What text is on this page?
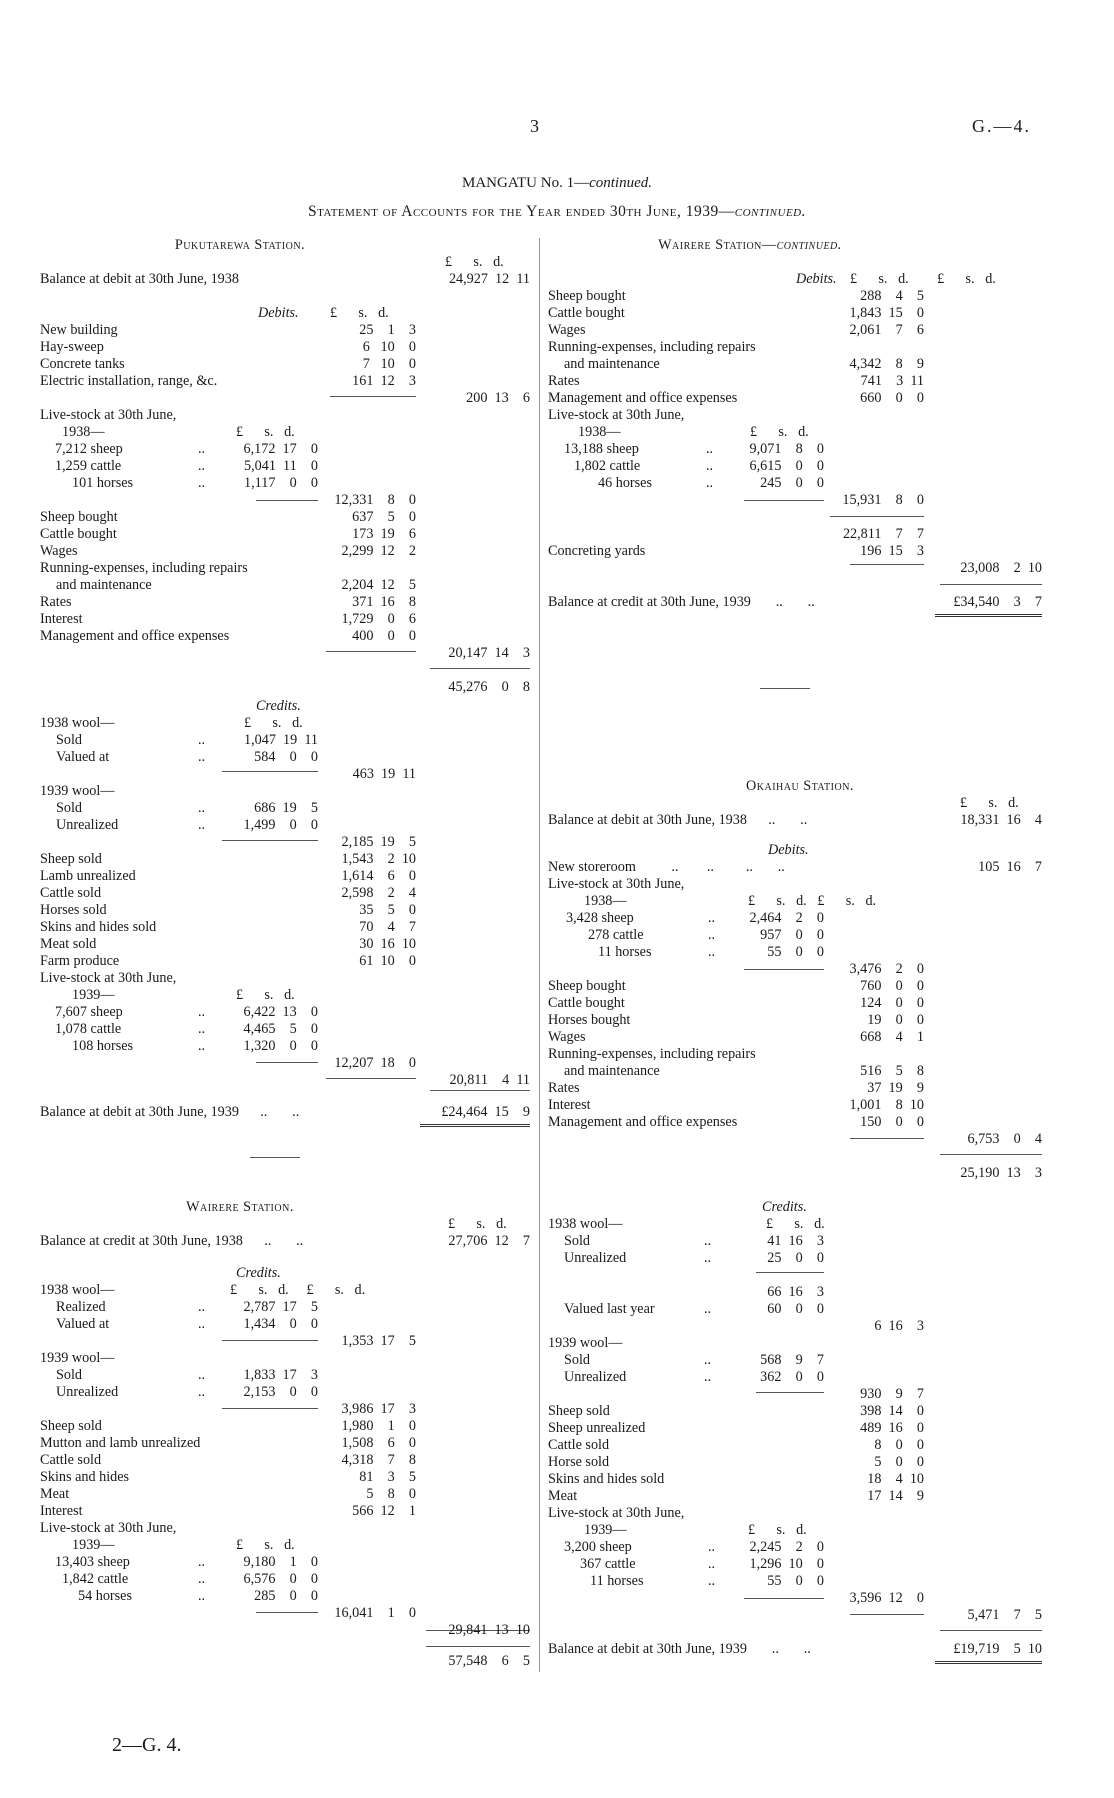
3	G.—4.
MANGATU No. 1—continued.
Statement of Accounts for the Year ended 30th June, 1939—continued.
Pukutarewa Station.
£      s.   d.
Balance at debit at 30th June, 1938	24,927  12  11
Debits. £      s.   d.
New building	25    1    3
Hay-sweep	6   10    0
Concrete tanks	7   10    0
Electric installation, range, &c.	161  12    3
200  13    6
Live-stock at 30th June,
1938—	£      s.   d.
7,212 sheep	..	6,172  17    0
1,259 cattle	..	5,041  11    0
101 horses	..	1,117    0    0
12,331    8    0
Sheep bought	637    5    0
Cattle bought	173  19    6
Wages	2,299  12    2
Running-expenses, including repairs
and maintenance	2,204  12    5
Rates	371  16    8
Interest	1,729    0    6
Management and office expenses	400    0    0
20,147  14    3
45,276    0    8
Credits.
1938 wool—	£      s.   d.
Sold	..	1,047  19  11
Valued at	..	584    0    0
463  19  11
1939 wool—
Sold	..	686  19    5
Unrealized	..	1,499    0    0
2,185  19    5
Sheep sold	1,543    2  10
Lamb unrealized	1,614    6    0
Cattle sold	2,598    2    4
Horses sold	35    5    0
Skins and hides sold	70    4    7
Meat sold	30  16  10
Farm produce	61  10    0
Live-stock at 30th June,
1939—	£      s.   d.
7,607 sheep	..	6,422  13    0
1,078 cattle	..	4,465    5    0
108 horses	..	1,320    0    0
12,207  18    0
20,811    4  11
Balance at debit at 30th June, 1939      ..       ..	£24,464  15    9
Wairere Station.
£      s.   d.
Balance at credit at 30th June, 1938      ..       ..	27,706  12    7
Credits.
1938 wool—	£      s.   d. £      s.   d.
Realized	..	2,787  17    5
Valued at	..	1,434    0    0
1,353  17    5
1939 wool—
Sold	..	1,833  17    3
Unrealized	..	2,153    0    0
3,986  17    3
Sheep sold	1,980    1    0
Mutton and lamb unrealized	1,508    6    0
Cattle sold	4,318    7    8
Skins and hides	81    3    5
Meat	5    8    0
Interest	566  12    1
Live-stock at 30th June,
1939—	£      s.   d.
13,403 sheep	..	9,180    1    0
1,842 cattle	..	6,576    0    0
54 horses	..	285    0    0
16,041    1    0
29,841  13  10
57,548    6    5
Wairere Station—continued.
Debits. £      s.   d. £      s.   d.
Sheep bought	288    4    5
Cattle bought	1,843  15    0
Wages	2,061    7    6
Running-expenses, including repairs
and maintenance	4,342    8    9
Rates	741    3  11
Management and office expenses	660    0    0
Live-stock at 30th June,
1938—	£      s.   d.
13,188 sheep	..	9,071    8    0
1,802 cattle	..	6,615    0    0
46 horses	..	245    0    0
15,931    8    0
22,811    7    7
Concreting yards	196  15    3
23,008    2  10
Balance at credit at 30th June, 1939       ..       ..	£34,540    3    7
Okaihau Station.
£      s.   d.
Balance at debit at 30th June, 1938      ..       ..	18,331  16    4
Debits.
New storeroom          ..        ..         ..       ..	105  16    7
Live-stock at 30th June,
1938—	£      s.   d. £      s.   d.
3,428 sheep	..	2,464    2    0
278 cattle	..	957    0    0
11 horses	..	55    0    0
3,476    2    0
Sheep bought	760    0    0
Cattle bought	124    0    0
Horses bought	19    0    0
Wages	668    4    1
Running-expenses, including repairs
and maintenance	516    5    8
Rates	37  19    9
Interest	1,001    8  10
Management and office expenses	150    0    0
6,753    0    4
25,190  13    3
Credits.
1938 wool—	£      s.   d.
Sold	..	41  16    3
Unrealized	..	25    0    0
66  16    3
Valued last year	..	60    0    0
6  16    3
1939 wool—
Sold	..	568    9    7
Unrealized	..	362    0    0
930    9    7
Sheep sold	398  14    0
Sheep unrealized	489  16    0
Cattle sold	8    0    0
Horse sold	5    0    0
Skins and hides sold	18    4  10
Meat	17  14    9
Live-stock at 30th June,
1939—	£      s.   d.
3,200 sheep	..	2,245    2    0
367 cattle	..	1,296  10    0
11 horses	..	55    0    0
3,596  12    0
5,471    7    5
Balance at debit at 30th June, 1939       ..       ..	£19,719    5  10
2—G. 4.
